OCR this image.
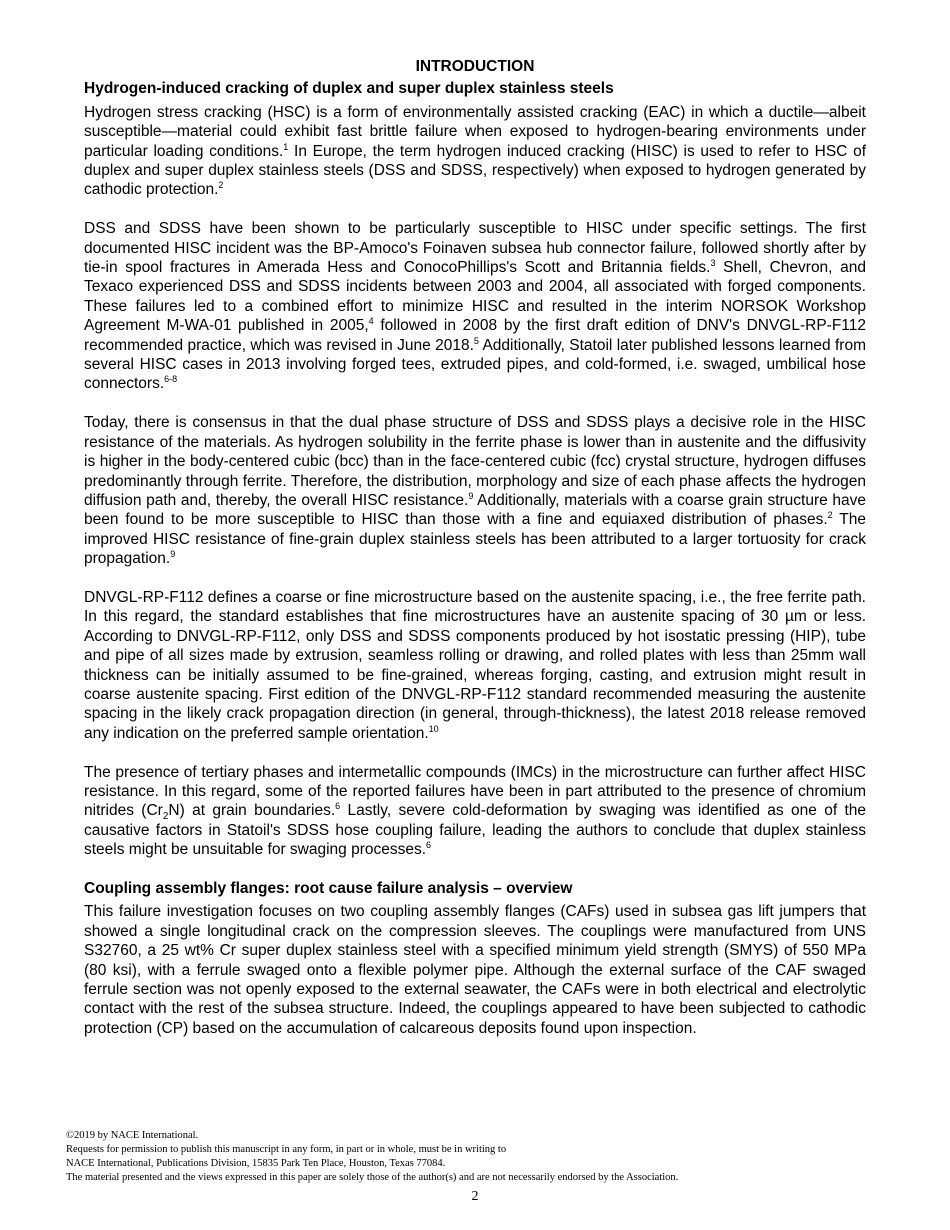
INTRODUCTION
Hydrogen-induced cracking of duplex and super duplex stainless steels

Hydrogen stress cracking (HSC) is a form of environmentally assisted cracking (EAC) in which a ductile—albeit susceptible—material could exhibit fast brittle failure when exposed to hydrogen-bearing environments under particular loading conditions.$^1$ In Europe, the term hydrogen induced cracking (HISC) is used to refer to HSC of duplex and super duplex stainless steels (DSS and SDSS, respectively) when exposed to hydrogen generated by cathodic protection.$^2$

DSS and SDSS have been shown to be particularly susceptible to HISC under specific settings. The first documented HISC incident was the BP-Amoco's Foinaven subsea hub connector failure, followed shortly after by tie-in spool fractures in Amerada Hess and ConocoPhillips's Scott and Britannia fields.$^3$ Shell, Chevron, and Texaco experienced DSS and SDSS incidents between 2003 and 2004, all associated with forged components. These failures led to a combined effort to minimize HISC and resulted in the interim NORSOK Workshop Agreement M-WA-01 published in 2005,$^4$ followed in 2008 by the first draft edition of DNV's DNVGL-RP-F112 recommended practice, which was revised in June 2018.$^5$ Additionally, Statoil later published lessons learned from several HISC cases in 2013 involving forged tees, extruded pipes, and cold-formed, i.e. swaged, umbilical hose connectors.$^{6-8}$

Today, there is consensus in that the dual phase structure of DSS and SDSS plays a decisive role in the HISC resistance of the materials. As hydrogen solubility in the ferrite phase is lower than in austenite and the diffusivity is higher in the body-centered cubic (bcc) than in the face-centered cubic (fcc) crystal structure, hydrogen diffuses predominantly through ferrite. Therefore, the distribution, morphology and size of each phase affects the hydrogen diffusion path and, thereby, the overall HISC resistance.$^9$ Additionally, materials with a coarse grain structure have been found to be more susceptible to HISC than those with a fine and equiaxed distribution of phases.$^2$ The improved HISC resistance of fine-grain duplex stainless steels has been attributed to a larger tortuosity for crack propagation.$^9$

DNVGL-RP-F112 defines a coarse or fine microstructure based on the austenite spacing, i.e., the free ferrite path. In this regard, the standard establishes that fine microstructures have an austenite spacing of 30 µm or less. According to DNVGL-RP-F112, only DSS and SDSS components produced by hot isostatic pressing (HIP), tube and pipe of all sizes made by extrusion, seamless rolling or drawing, and rolled plates with less than 25mm wall thickness can be initially assumed to be fine-grained, whereas forging, casting, and extrusion might result in coarse austenite spacing. First edition of the DNVGL-RP-F112 standard recommended measuring the austenite spacing in the likely crack propagation direction (in general, through-thickness), the latest 2018 release removed any indication on the preferred sample orientation.$^{10}$

The presence of tertiary phases and intermetallic compounds (IMCs) in the microstructure can further affect HISC resistance. In this regard, some of the reported failures have been in part attributed to the presence of chromium nitrides $(Cr_2N)$ at grain boundaries.$^6$ Lastly, severe cold-deformation by swaging was identified as one of the causative factors in Statoil's SDSS hose coupling failure, leading the authors to conclude that duplex stainless steels might be unsuitable for swaging processes.$^6$

Coupling assembly flanges: root cause failure analysis – overview

This failure investigation focuses on two coupling assembly flanges (CAFs) used in subsea gas lift jumpers that showed a single longitudinal crack on the compression sleeves. The couplings were manufactured from UNS S32760, a 25 wt% Cr super duplex stainless steel with a specified minimum yield strength (SMYS) of 550 MPa (80 ksi), with a ferrule swaged onto a flexible polymer pipe. Although the external surface of the CAF swaged ferrule section was not openly exposed to the external seawater, the CAFs were in both electrical and electrolytic contact with the rest of the subsea structure. Indeed, the couplings appeared to have been subjected to cathodic protection (CP) based on the accumulation of calcareous deposits found upon inspection.

©2019 by NACE International.
Requests for permission to publish this manuscript in any form, in part or in whole, must be in writing to
NACE International, Publications Division, 15835 Park Ten Place, Houston, Texas 77084.
The material presented and the views expressed in this paper are solely those of the author(s) and are not necessarily endorsed by the Association.
2
